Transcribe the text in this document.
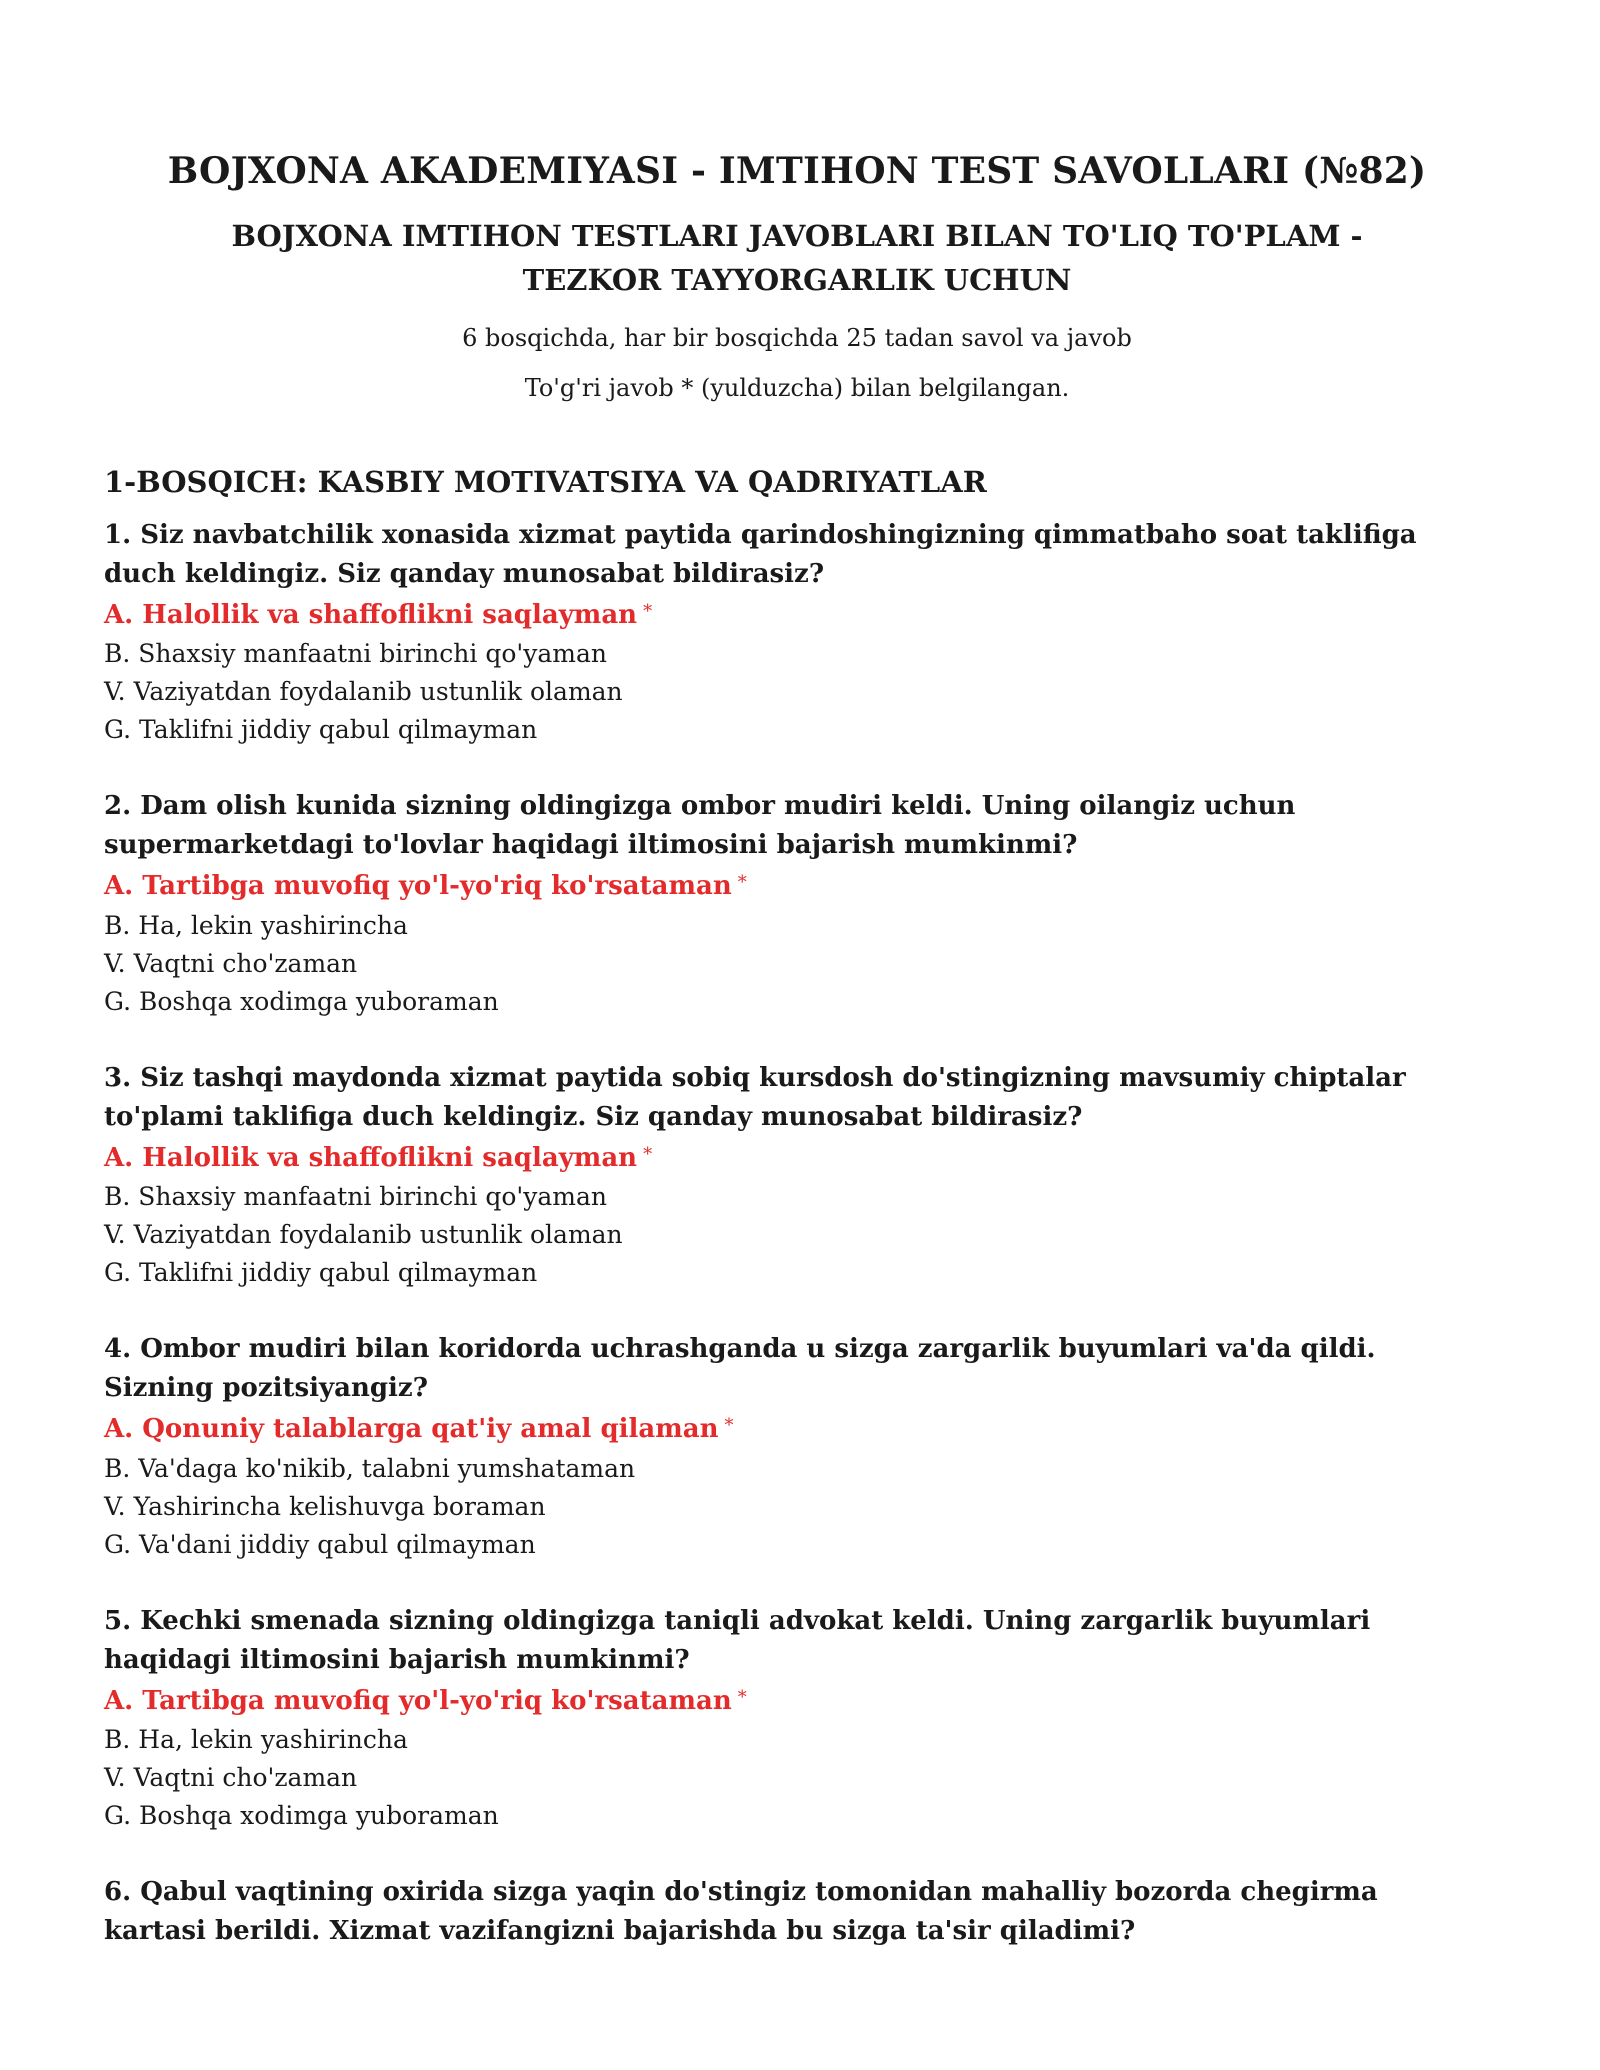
BOJXONA AKADEMIYASI - IMTIHON TEST SAVOLLARI (№82)
BOJXONA IMTIHON TESTLARI JAVOBLARI BILAN TO'LIQ TO'PLAM - TEZKOR TAYYORGARLIK UCHUN

6 bosqichda, har bir bosqichda 25 tadan savol va javob

To'g'ri javob * (yulduzcha) bilan belgilangan.

1-BOSQICH: KASBIY MOTIVATSIYA VA QADRIYATLAR

1. Siz navbatchilik xonasida xizmat paytida qarindoshingizning qimmatbaho soat taklifiga duch keldingiz. Siz qanday munosabat bildirasiz?

A. Halollik va shaffoflikni saqlayman *

B. Shaxsiy manfaatni birinchi qo'yaman

V. Vaziyatdan foydalanib ustunlik olaman

G. Taklifni jiddiy qabul qilmayman

2. Dam olish kunida sizning oldingizga ombor mudiri keldi. Uning oilangiz uchun supermarketdagi to'lovlar haqidagi iltimosini bajarish mumkinmi?

A. Tartibga muvofiq yo'l-yo'riq ko'rsataman *

B. Ha, lekin yashirincha

V. Vaqtni cho'zaman

G. Boshqa xodimga yuboraman

3. Siz tashqi maydonda xizmat paytida sobiq kursdosh do'stingizning mavsumiy chiptalar to'plami taklifiga duch keldingiz. Siz qanday munosabat bildirasiz?

A. Halollik va shaffoflikni saqlayman *

B. Shaxsiy manfaatni birinchi qo'yaman

V. Vaziyatdan foydalanib ustunlik olaman

G. Taklifni jiddiy qabul qilmayman

4. Ombor mudiri bilan koridorda uchrashganda u sizga zargarlik buyumlari va'da qildi. Sizning pozitsiyangiz?

A. Qonuniy talablarga qat'iy amal qilaman *

B. Va'daga ko'nikib, talabni yumshataman

V. Yashirincha kelishuvga boraman

G. Va'dani jiddiy qabul qilmayman

5. Kechki smenada sizning oldingizga taniqli advokat keldi. Uning zargarlik buyumlari haqidagi iltimosini bajarish mumkinmi?

A. Tartibga muvofiq yo'l-yo'riq ko'rsataman *

B. Ha, lekin yashirincha

V. Vaqtni cho'zaman

G. Boshqa xodimga yuboraman

6. Qabul vaqtining oxirida sizga yaqin do'stingiz tomonidan mahalliy bozorda chegirma kartasi berildi. Xizmat vazifangizni bajarishda bu sizga ta'sir qiladimi?
